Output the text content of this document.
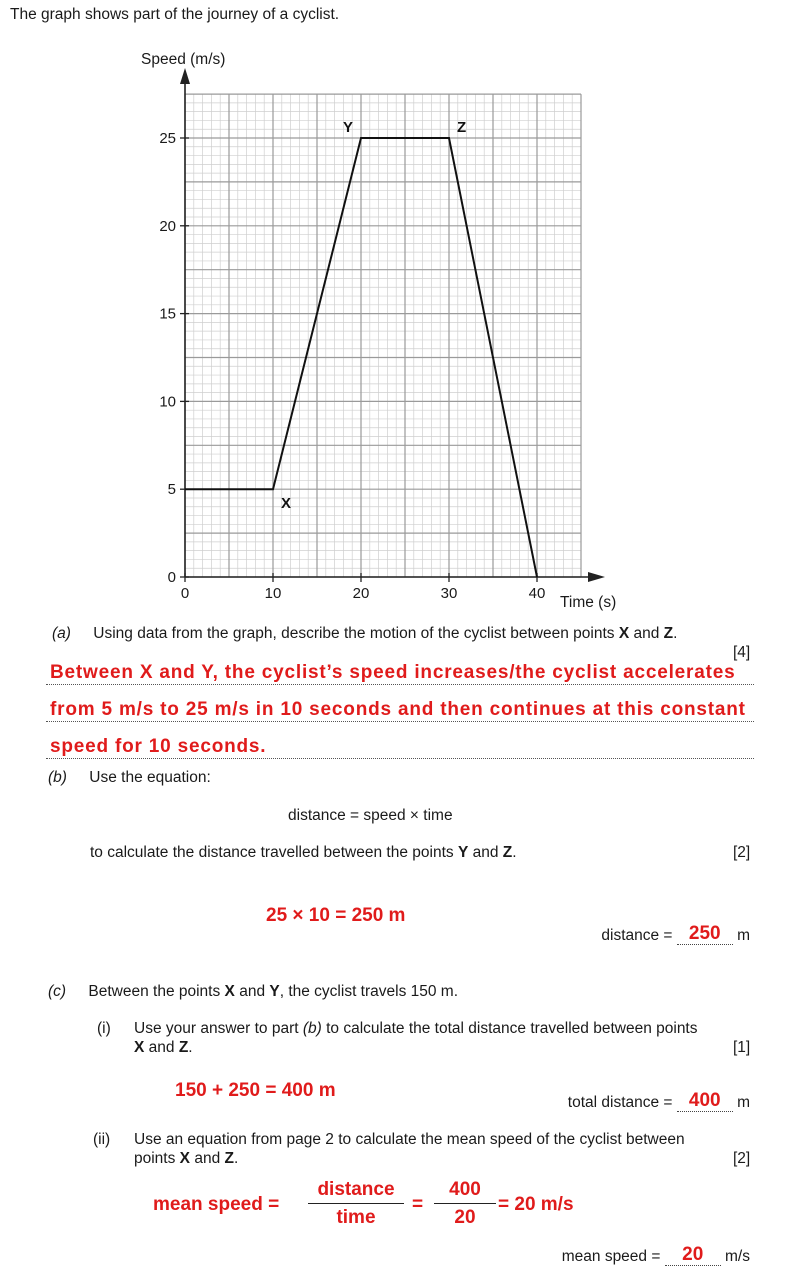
The graph shows part of the journey of a cyclist.
0
5
10
15
20
25
0	10	20	30	40
Speed (m/s)
Time (s)
X
Y	Z
(a) Using data from the graph, describe the motion of the cyclist between points X and Z.
[4]
Between X and Y, the cyclist’s speed increases/the cyclist accelerates
from 5 m/s to 25 m/s in 10 seconds and then continues at this constant
speed for 10 seconds.
(b) Use the equation:
distance = speed × time
to calculate the distance travelled between the points Y and Z.	[2]
25 × 10 = 250 m
distance = 250 m
(c) Between the points X and Y, the cyclist travels 150 m.
(i) Use your answer to part (b) to calculate the total distance travelled between points
X and Z.	[1]
150 + 250 = 400 m
total distance = 400 m
(ii) Use an equation from page 2 to calculate the mean speed of the cyclist between
points X and Z.	[2]
mean speed =
distance
time
= $\frac{400}{20} = 20$ m/s
mean speed = 20 m/s
